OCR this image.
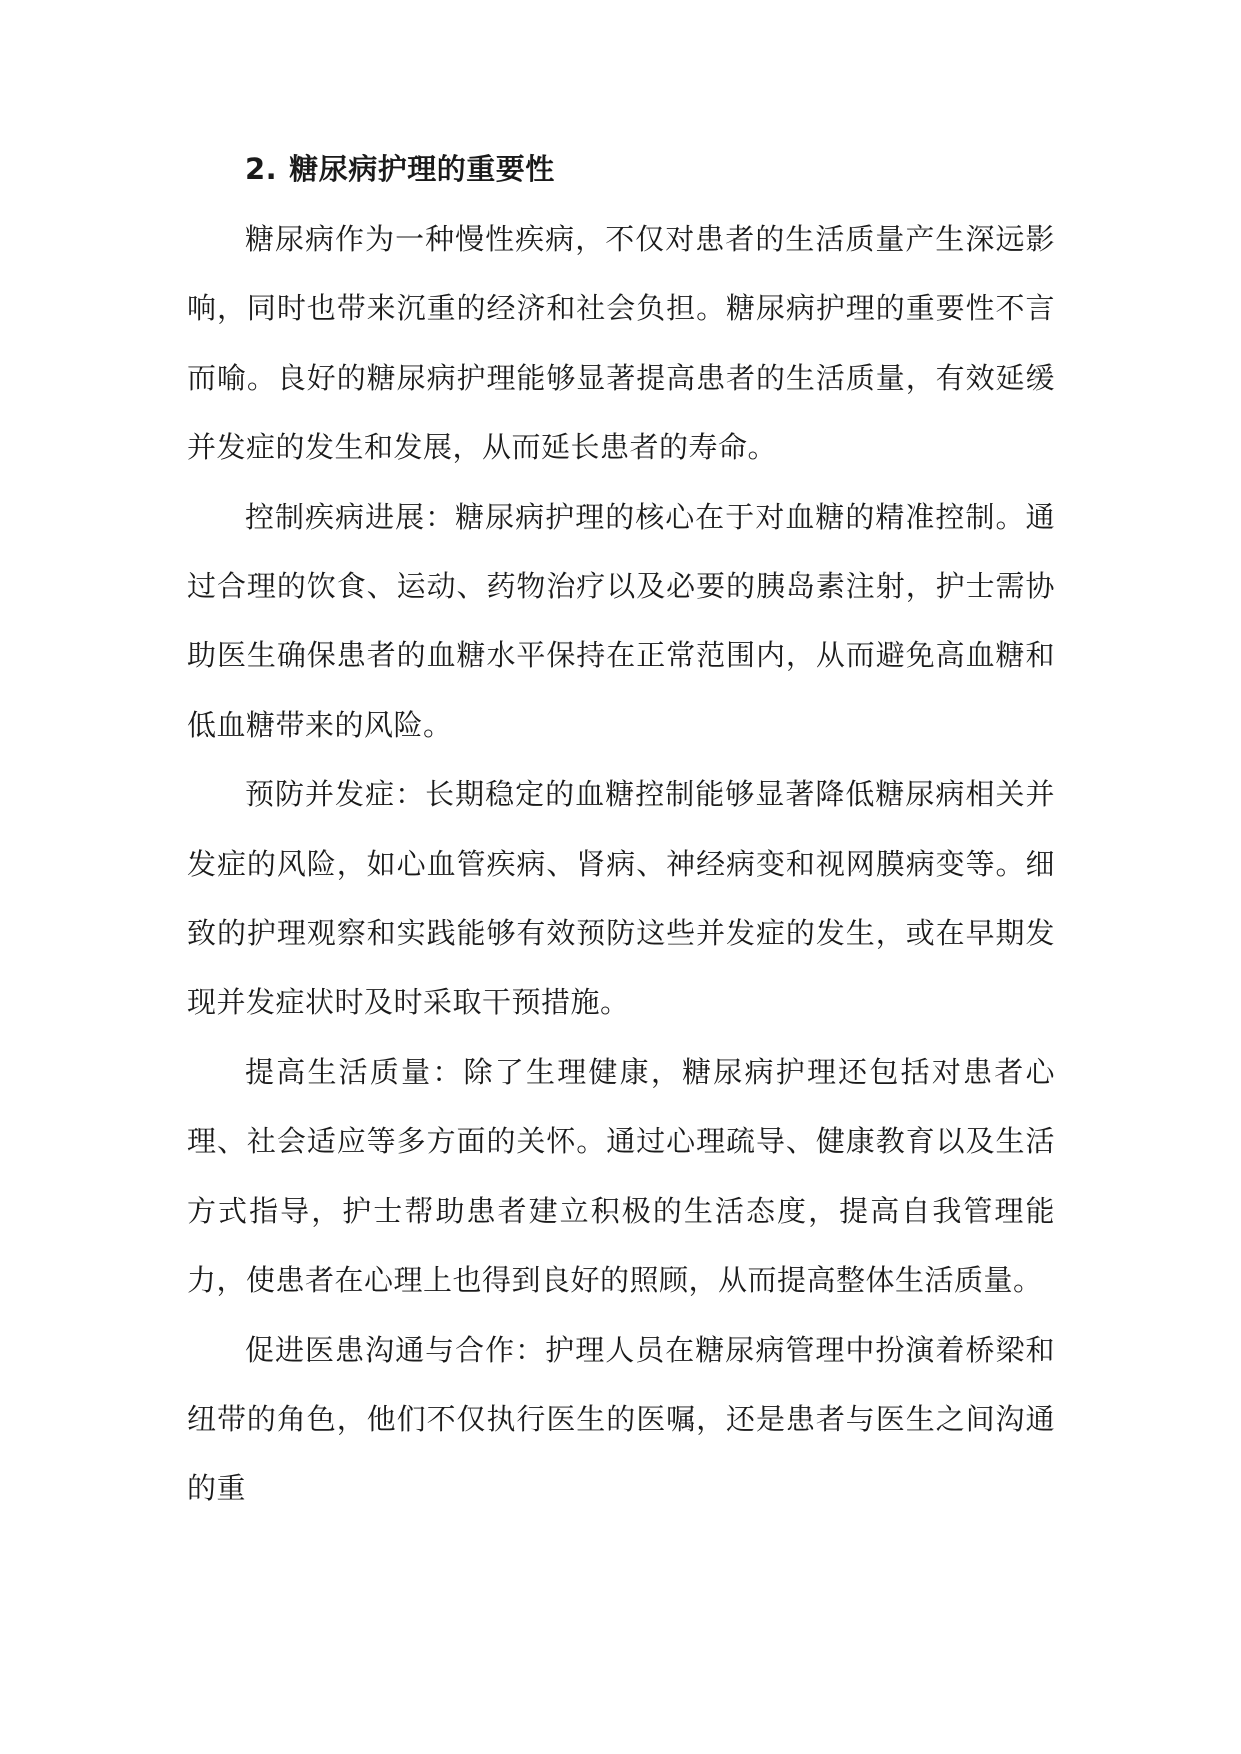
2. 糖尿病护理的重要性

糖尿病作为一种慢性疾病，不仅对患者的生活质量产生深远影响，同时也带来沉重的经济和社会负担。糖尿病护理的重要性不言而喻。良好的糖尿病护理能够显著提高患者的生活质量，有效延缓并发症的发生和发展，从而延长患者的寿命。

控制疾病进展：糖尿病护理的核心在于对血糖的精准控制。通过合理的饮食、运动、药物治疗以及必要的胰岛素注射，护士需协助医生确保患者的血糖水平保持在正常范围内，从而避免高血糖和低血糖带来的风险。

预防并发症：长期稳定的血糖控制能够显著降低糖尿病相关并发症的风险，如心血管疾病、肾病、神经病变和视网膜病变等。细致的护理观察和实践能够有效预防这些并发症的发生，或在早期发现并发症状时及时采取干预措施。

提高生活质量：除了生理健康，糖尿病护理还包括对患者心理、社会适应等多方面的关怀。通过心理疏导、健康教育以及生活方式指导，护士帮助患者建立积极的生活态度，提高自我管理能力，使患者在心理上也得到良好的照顾，从而提高整体生活质量。

促进医患沟通与合作：护理人员在糖尿病管理中扮演着桥梁和纽带的角色，他们不仅执行医生的医嘱，还是患者与医生之间沟通的重
